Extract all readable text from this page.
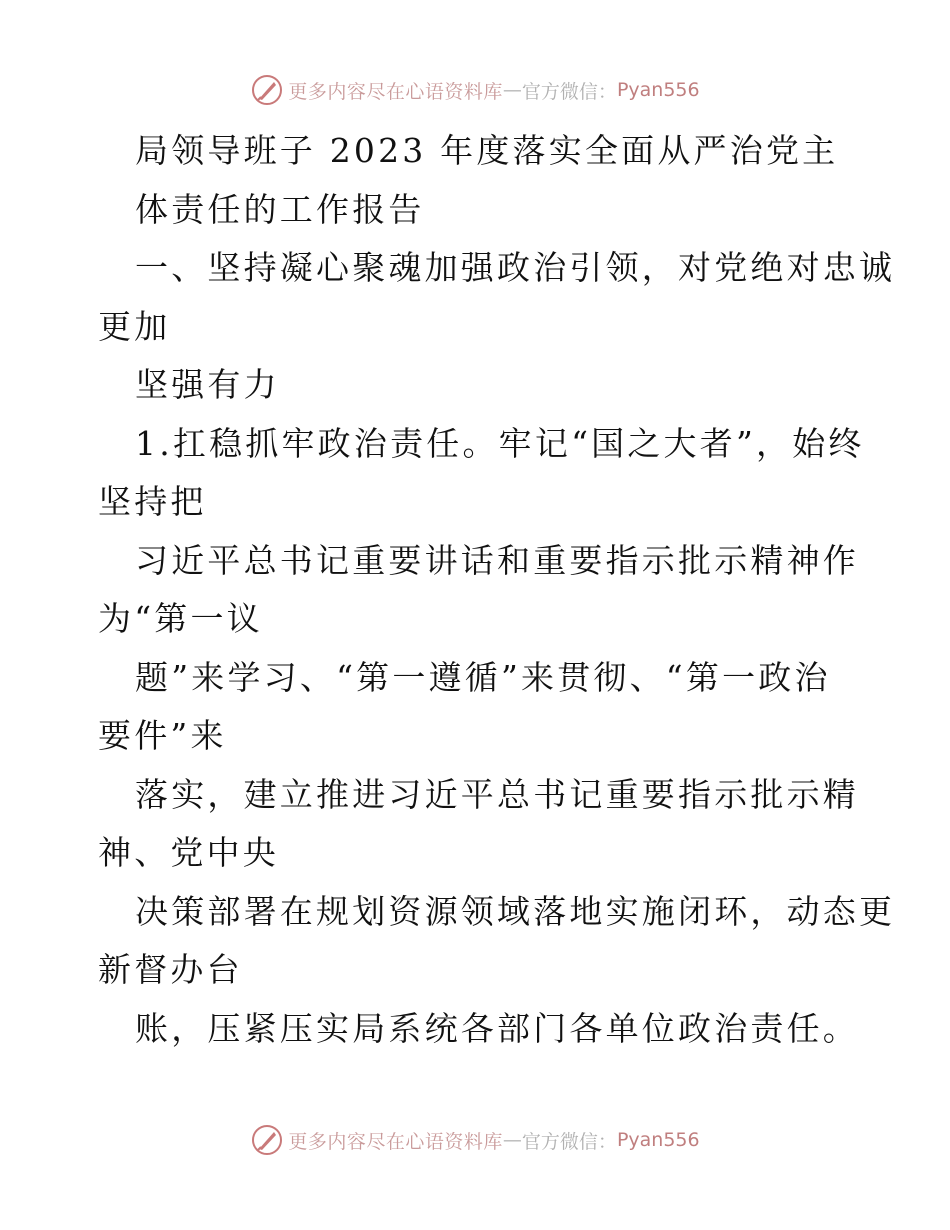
更多内容尽在心语资料库 — 官方微信： Pyan556
局领导班子 2023 年度落实全面从严治党主
体责任的工作报告
一、坚持凝心聚魂加强政治引领，对党绝对忠诚
更加
坚强有力
1.扛稳抓牢政治责任。牢记“国之大者”，始终
坚持把
习近平总书记重要讲话和重要指示批示精神作
为“第一议
题”来学习、“第一遵循”来贯彻、“第一政治
要件”来
落实，建立推进习近平总书记重要指示批示精
神、党中央
决策部署在规划资源领域落地实施闭环，动态更
新督办台
账，压紧压实局系统各部门各单位政治责任。
更多内容尽在心语资料库 — 官方微信： Pyan556
